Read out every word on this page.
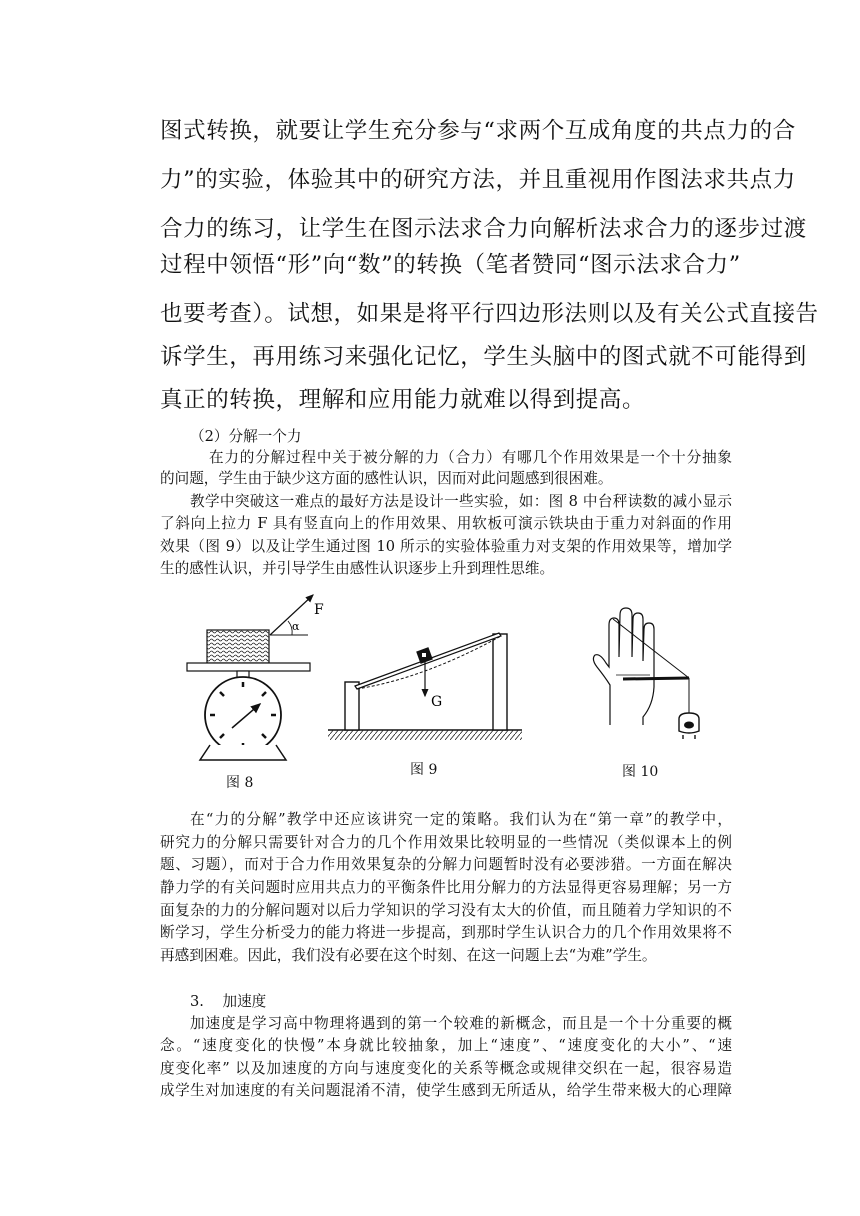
图式转换，就要让学生充分参与“求两个互成角度的共点力的合
力”的实验，体验其中的研究方法，并且重视用作图法求共点力
合力的练习，让学生在图示法求合力向解析法求合力的逐步过渡
过程中领悟“形”向“数”的转换（笔者赞同“图示法求合力”
也要考查）。试想，如果是将平行四边形法则以及有关公式直接告
诉学生，再用练习来强化记忆，学生头脑中的图式就不可能得到
真正的转换，理解和应用能力就难以得到提高。
（2）分解一个力
在力的分解过程中关于被分解的力（合力）有哪几个作用效果是一个十分抽象
的问题，学生由于缺少这方面的感性认识，因而对此问题感到很困难。
教学中突破这一难点的最好方法是设计一些实验，如：图 8 中台秤读数的减小显示
了斜向上拉力 F 具有竖直向上的作用效果、用软板可演示铁块由于重力对斜面的作用
效果（图 9）以及让学生通过图 10 所示的实验体验重力对支架的作用效果等，增加学
生的感性认识，并引导学生由感性认识逐步上升到理性思维。
F
α
G
图 8
图 9	图 10
在“力的分解”教学中还应该讲究一定的策略。我们认为在“第一章”的教学中，
研究力的分解只需要针对合力的几个作用效果比较明显的一些情况（类似课本上的例
题、习题），而对于合力作用效果复杂的分解力问题暂时没有必要涉猎。一方面在解决
静力学的有关问题时应用共点力的平衡条件比用分解力的方法显得更容易理解；另一方
面复杂的力的分解问题对以后力学知识的学习没有太大的价值，而且随着力学知识的不
断学习，学生分析受力的能力将进一步提高，到那时学生认识合力的几个作用效果将不
再感到困难。因此，我们没有必要在这个时刻、在这一问题上去“为难”学生。
3.    加速度
加速度是学习高中物理将遇到的第一个较难的新概念，而且是一个十分重要的概
念。“速度变化的快慢”本身就比较抽象，加上“速度”、“速度变化的大小”、“速
度变化率” 以及加速度的方向与速度变化的关系等概念或规律交织在一起，很容易造
成学生对加速度的有关问题混淆不清，使学生感到无所适从，给学生带来极大的心理障
